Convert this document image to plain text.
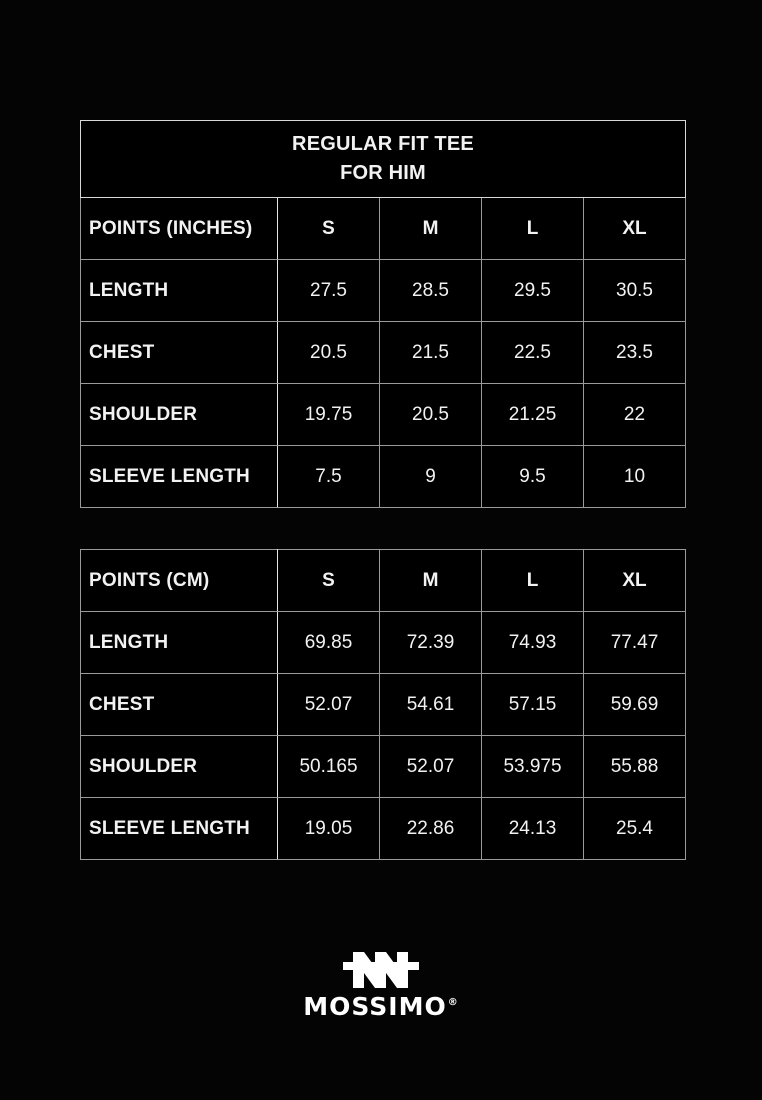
REGULAR FIT TEE
FOR HIM				

POINTS (INCHES)	S	M	L	XL
LENGTH	27.5	28.5	29.5	30.5
CHEST	20.5	21.5	22.5	23.5
SHOULDER	19.75	20.5	21.25	22
SLEEVE LENGTH	7.5	9	9.5	10
POINTS (CM)	S	M	L	XL
LENGTH	69.85	72.39	74.93	77.47
CHEST	52.07	54.61	57.15	59.69
SHOULDER	50.165	52.07	53.975	55.88
SLEEVE LENGTH	19.05	22.86	24.13	25.4
MOSSIMO®
